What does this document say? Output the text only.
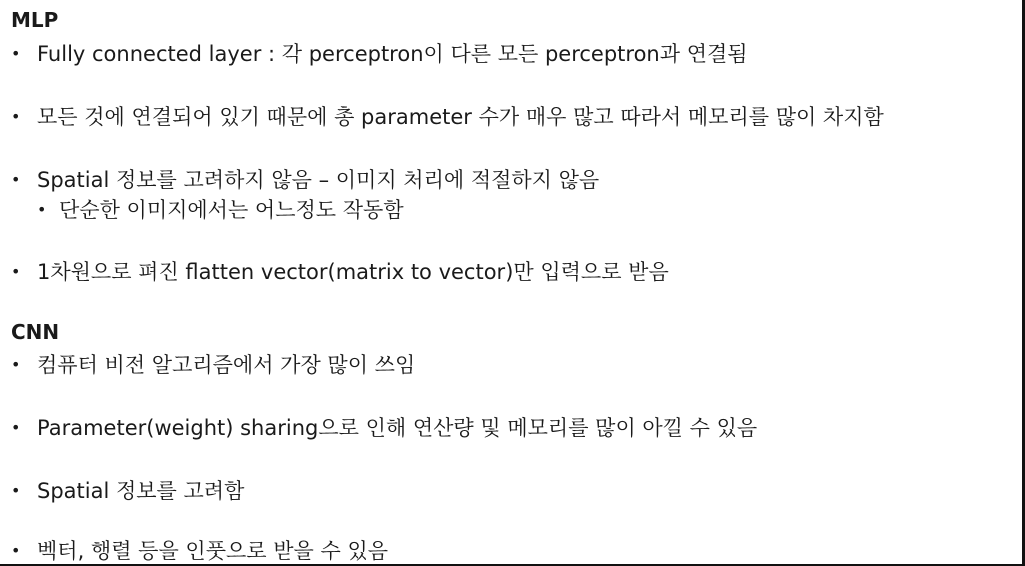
MLP
• Fully connected layer : 각 perceptron이 다른 모든 perceptron과 연결됨
• 모든 것에 연결되어 있기 때문에 총 parameter 수가 매우 많고 따라서 메모리를 많이 차지함
• Spatial 정보를 고려하지 않음 – 이미지 처리에 적절하지 않음
• 단순한 이미지에서는 어느정도 작동함
• 1차원으로 펴진 flatten vector(matrix to vector)만 입력으로 받음
CNN
• 컴퓨터 비전 알고리즘에서 가장 많이 쓰임
• Parameter(weight) sharing으로 인해 연산량 및 메모리를 많이 아낄 수 있음
• Spatial 정보를 고려함
• 벡터, 행렬 등을 인풋으로 받을 수 있음
